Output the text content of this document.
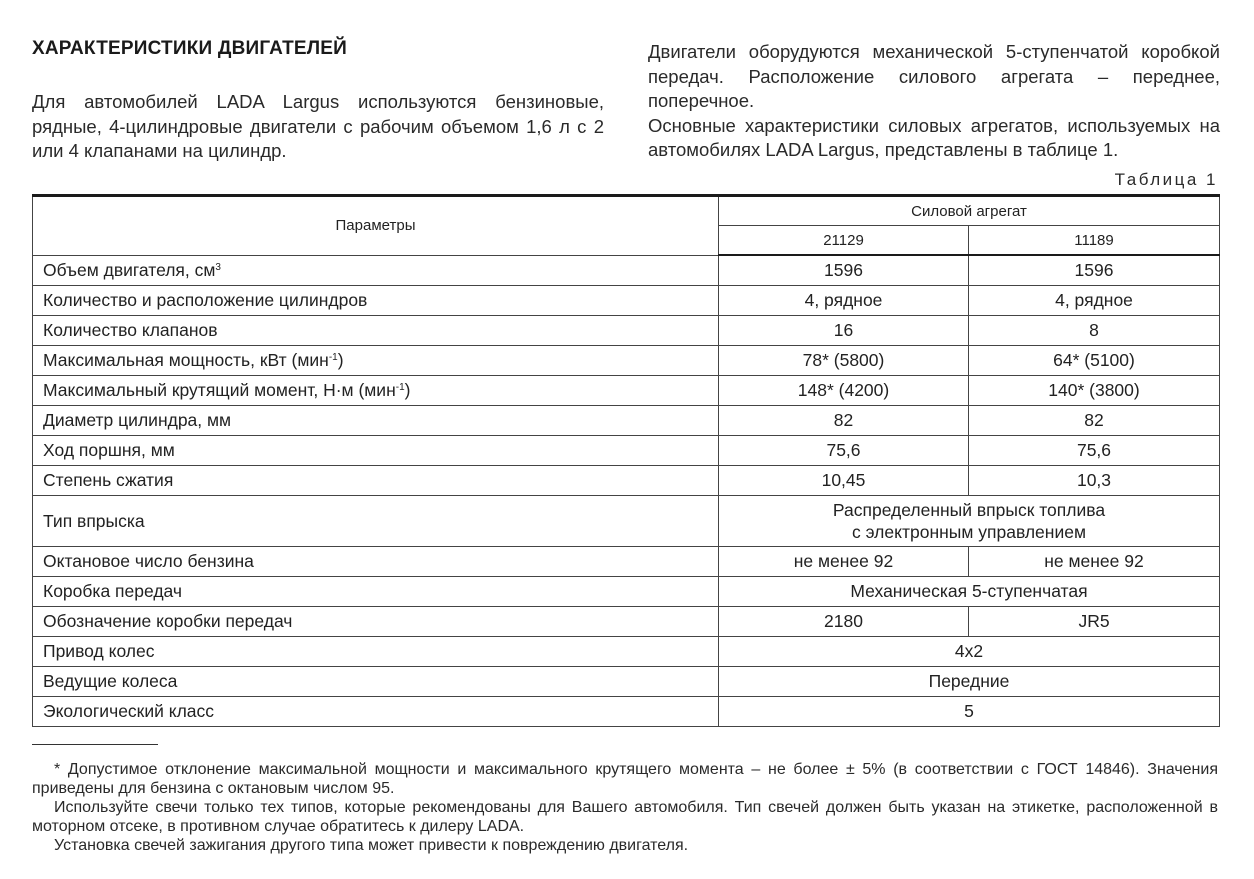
ХАРАКТЕРИСТИКИ ДВИГАТЕЛЕЙ
Для автомобилей LADA Largus используются бензиновые, рядные, 4-цилиндровые двигатели с рабочим объемом 1,6 л с 2 или 4 клапанами на цилиндр.
Двигатели оборудуются механической 5-ступенчатой коробкой передач. Расположение силового агрегата – переднее, поперечное.
Основные характеристики силовых агрегатов, используемых на автомобилях LADA Largus, представлены в таблице 1.
Таблица 1
Параметры	Силовой агрегат	
	21129	11189
Объем двигателя, $см^3$	1596	1596
Количество и расположение цилиндров	4, рядное	4, рядное
Количество клапанов	16	8
Максимальная мощность, кВт (мин$^{-1}$)	78* (5800)	64* (5100)
Максимальный крутящий момент, Н·м (мин$^{-1}$)	148* (4200)	140* (3800)
Диаметр цилиндра, мм	82	82
Ход поршня, мм	75,6	75,6
Степень сжатия	10,45	10,3
Тип впрыска	Распределенный впрыск топлива
с электронным управлением	

Октановое число бензина	не менее 92	не менее 92
Коробка передач	Механическая 5-ступенчатая	

Обозначение коробки передач	2180	JR5
Привод колес	4x2	

Ведущие колеса	Передние	

Экологический класс	5	

* Допустимое отклонение максимальной мощности и максимального крутящего момента – не более ± 5% (в соответствии с ГОСТ 14846). Значения приведены для бензина с октановым числом 95.

Используйте свечи только тех типов, которые рекомендованы для Вашего автомобиля. Тип свечей должен быть указан на этикетке, расположенной в моторном отсеке, в противном случае обратитесь к дилеру LADA.

Установка свечей зажигания другого типа может привести к повреждению двигателя.
